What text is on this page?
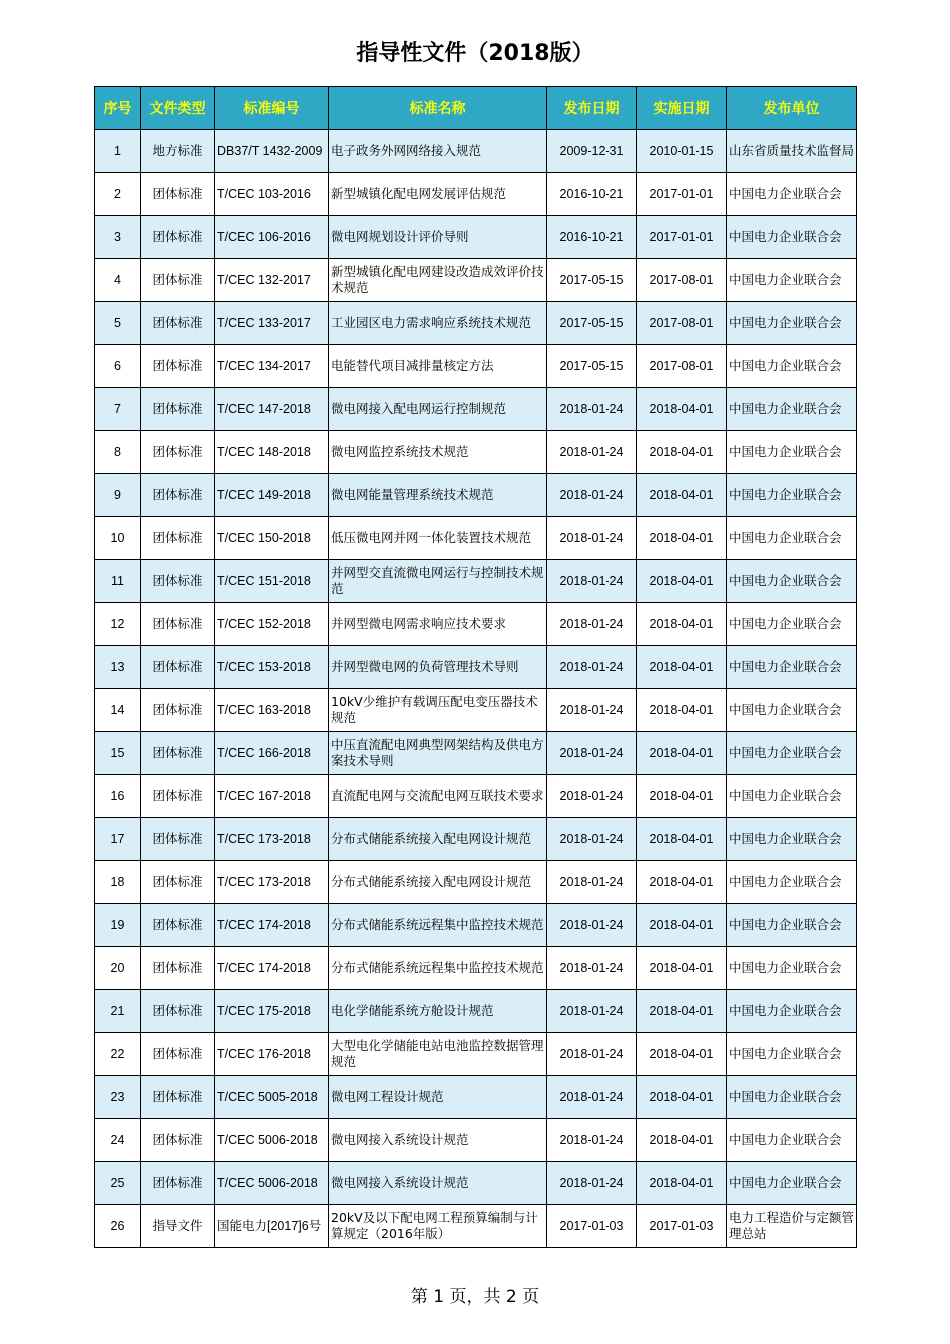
指导性文件（2018版）
序号	文件类型	标准编号	标准名称	发布日期	实施日期	发布单位
1	地方标准	DB37/T 1432-2009	电子政务外网网络接入规范	2009-12-31	2010-01-15	山东省质量技术监督局
2	团体标准	T/CEC 103-2016	新型城镇化配电网发展评估规范	2016-10-21	2017-01-01	中国电力企业联合会
3	团体标准	T/CEC 106-2016	微电网规划设计评价导则	2016-10-21	2017-01-01	中国电力企业联合会
4	团体标准	T/CEC 132-2017	新型城镇化配电网建设改造成效评价技术规范	2017-05-15	2017-08-01	中国电力企业联合会
5	团体标准	T/CEC 133-2017	工业园区电力需求响应系统技术规范	2017-05-15	2017-08-01	中国电力企业联合会
6	团体标准	T/CEC 134-2017	电能替代项目减排量核定方法	2017-05-15	2017-08-01	中国电力企业联合会
7	团体标准	T/CEC 147-2018	微电网接入配电网运行控制规范	2018-01-24	2018-04-01	中国电力企业联合会
8	团体标准	T/CEC 148-2018	微电网监控系统技术规范	2018-01-24	2018-04-01	中国电力企业联合会
9	团体标准	T/CEC 149-2018	微电网能量管理系统技术规范	2018-01-24	2018-04-01	中国电力企业联合会
10	团体标准	T/CEC 150-2018	低压微电网并网一体化装置技术规范	2018-01-24	2018-04-01	中国电力企业联合会
11	团体标准	T/CEC 151-2018	并网型交直流微电网运行与控制技术规范	2018-01-24	2018-04-01	中国电力企业联合会
12	团体标准	T/CEC 152-2018	并网型微电网需求响应技术要求	2018-01-24	2018-04-01	中国电力企业联合会
13	团体标准	T/CEC 153-2018	并网型微电网的负荷管理技术导则	2018-01-24	2018-04-01	中国电力企业联合会
14	团体标准	T/CEC 163-2018	10kV少维护有载调压配电变压器技术规范	2018-01-24	2018-04-01	中国电力企业联合会
15	团体标准	T/CEC 166-2018	中压直流配电网典型网架结构及供电方案技术导则	2018-01-24	2018-04-01	中国电力企业联合会
16	团体标准	T/CEC 167-2018	直流配电网与交流配电网互联技术要求	2018-01-24	2018-04-01	中国电力企业联合会
17	团体标准	T/CEC 173-2018	分布式储能系统接入配电网设计规范	2018-01-24	2018-04-01	中国电力企业联合会
18	团体标准	T/CEC 173-2018	分布式储能系统接入配电网设计规范	2018-01-24	2018-04-01	中国电力企业联合会
19	团体标准	T/CEC 174-2018	分布式储能系统远程集中监控技术规范	2018-01-24	2018-04-01	中国电力企业联合会
20	团体标准	T/CEC 174-2018	分布式储能系统远程集中监控技术规范	2018-01-24	2018-04-01	中国电力企业联合会
21	团体标准	T/CEC 175-2018	电化学储能系统方舱设计规范	2018-01-24	2018-04-01	中国电力企业联合会
22	团体标准	T/CEC 176-2018	大型电化学储能电站电池监控数据管理规范	2018-01-24	2018-04-01	中国电力企业联合会
23	团体标准	T/CEC 5005-2018	微电网工程设计规范	2018-01-24	2018-04-01	中国电力企业联合会
24	团体标准	T/CEC 5006-2018	微电网接入系统设计规范	2018-01-24	2018-04-01	中国电力企业联合会
25	团体标准	T/CEC 5006-2018	微电网接入系统设计规范	2018-01-24	2018-04-01	中国电力企业联合会
26	指导文件	国能电力[2017]6号	20kV及以下配电网工程预算编制与计算规定（2016年版）	2017-01-03	2017-01-03	电力工程造价与定额管理总站
第 1 页，共 2 页
